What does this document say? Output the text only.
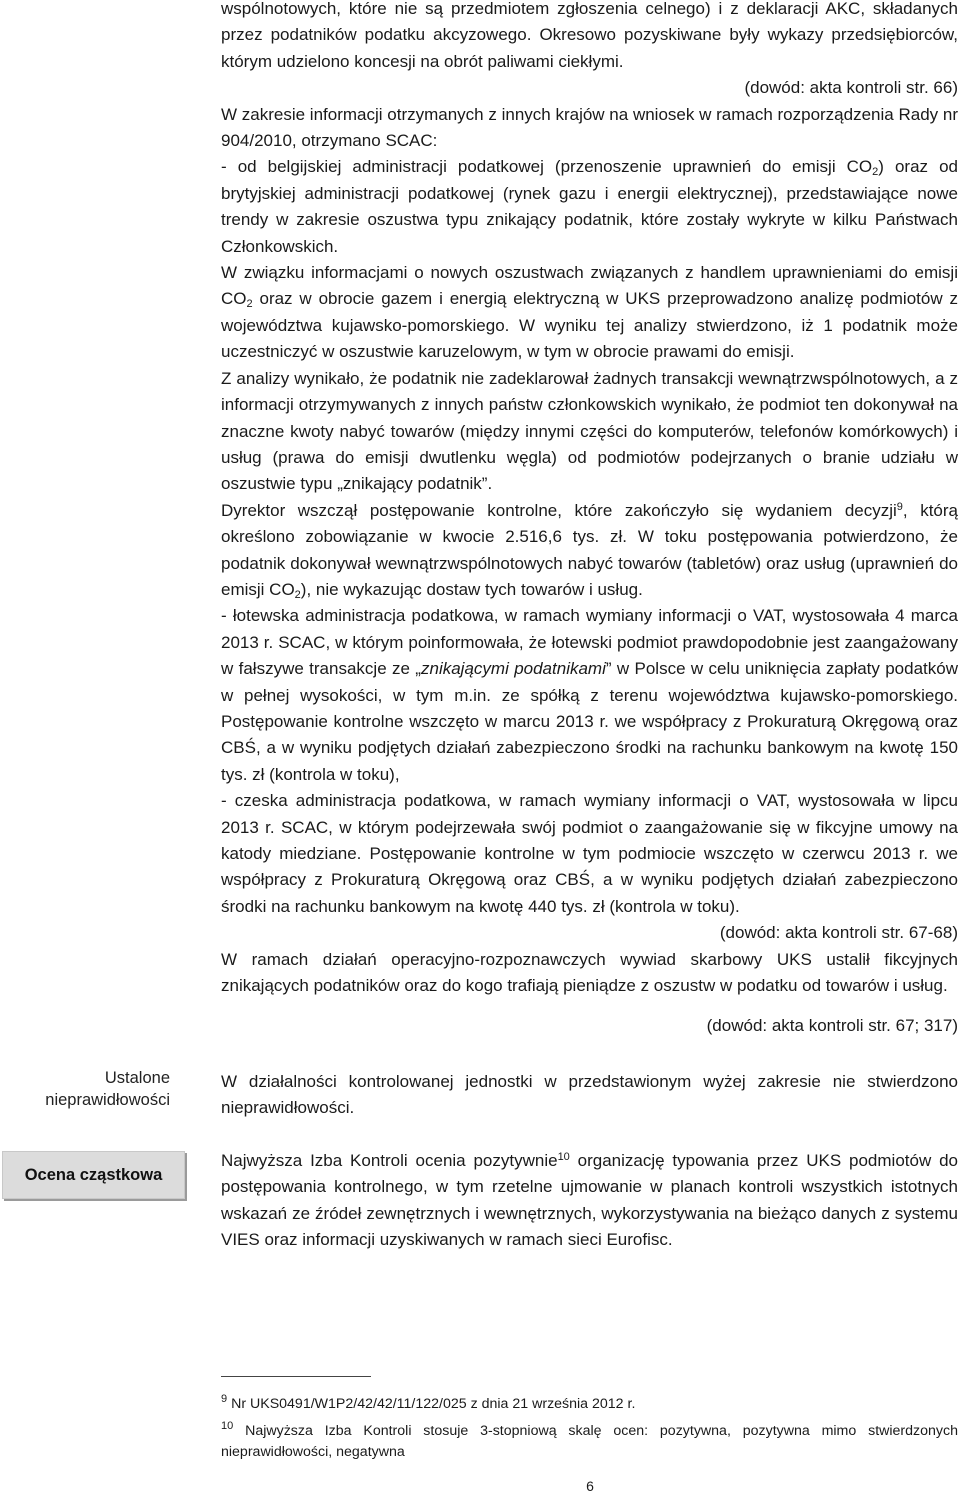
wspólnotowych, które nie są przedmiotem zgłoszenia celnego) i z deklaracji AKC, składanych przez podatników podatku akcyzowego. Okresowo pozyskiwane były wykazy przedsiębiorców, którym udzielono koncesji na obrót paliwami ciekłymi.

(dowód: akta kontroli str. 66)

W zakresie informacji otrzymanych z innych krajów na wniosek w ramach rozporządzenia Rady nr 904/2010, otrzymano SCAC:

- od belgijskiej administracji podatkowej (przenoszenie uprawnień do emisji $CO_2$) oraz od brytyjskiej administracji podatkowej (rynek gazu i energii elektrycznej), przedstawiające nowe trendy w zakresie oszustwa typu znikający podatnik, które zostały wykryte w kilku Państwach Członkowskich.

W związku informacjami o nowych oszustwach związanych z handlem uprawnieniami do emisji $CO_2$ oraz w obrocie gazem i energią elektryczną w UKS przeprowadzono analizę podmiotów z województwa kujawsko-pomorskiego. W wyniku tej analizy stwierdzono, iż 1 podatnik może uczestniczyć w oszustwie karuzelowym, w tym w obrocie prawami do emisji.

Z analizy wynikało, że podatnik nie zadeklarował żadnych transakcji wewnątrzwspólnotowych, a z informacji otrzymywanych z innych państw członkowskich wynikało, że podmiot ten dokonywał na znaczne kwoty nabyć towarów (między innymi części do komputerów, telefonów komórkowych) i usług (prawa do emisji dwutlenku węgla) od podmiotów podejrzanych o branie udziału w oszustwie typu „znikający podatnik”.

Dyrektor wszczął postępowanie kontrolne, które zakończyło się wydaniem decyzji$^9$, którą określono zobowiązanie w kwocie 2.516,6 tys. zł. W toku postępowania potwierdzono, że podatnik dokonywał wewnątrzwspólnotowych nabyć towarów (tabletów) oraz usług (uprawnień do emisji $CO_2$), nie wykazując dostaw tych towarów i usług.

- łotewska administracja podatkowa, w ramach wymiany informacji o VAT, wystosowała 4 marca 2013 r. SCAC, w którym poinformowała, że łotewski podmiot prawdopodobnie jest zaangażowany w fałszywe transakcje ze „znikającymi podatnikami” w Polsce w celu uniknięcia zapłaty podatków w pełnej wysokości, w tym m.in. ze spółką z terenu województwa kujawsko-pomorskiego. Postępowanie kontrolne wszczęto w marcu 2013 r. we współpracy z Prokuraturą Okręgową oraz CBŚ, a w wyniku podjętych działań zabezpieczono środki na rachunku bankowym na kwotę 150 tys. zł (kontrola w toku),

- czeska administracja podatkowa, w ramach wymiany informacji o VAT, wystosowała w lipcu 2013 r. SCAC, w którym podejrzewała swój podmiot o zaangażowanie się w fikcyjne umowy na katody miedziane. Postępowanie kontrolne w tym podmiocie wszczęto w czerwcu 2013 r. we współpracy z Prokuraturą Okręgową oraz CBŚ, a w wyniku podjętych działań zabezpieczono środki na rachunku bankowym na kwotę 440 tys. zł (kontrola w toku).

(dowód: akta kontroli str. 67-68)

W ramach działań operacyjno-rozpoznawczych wywiad skarbowy UKS ustalił fikcyjnych znikających podatników oraz do kogo trafiają pieniądze z oszustw w podatku od towarów i usług.

(dowód: akta kontroli str. 67; 317)

Ustalone
nieprawidłowości

W działalności kontrolowanej jednostki w przedstawionym wyżej zakresie nie stwierdzono nieprawidłowości.

Ocena cząstkowa

Najwyższa Izba Kontroli ocenia pozytywnie$^{10}$ organizację typowania przez UKS podmiotów do postępowania kontrolnego, w tym rzetelne ujmowanie w planach kontroli wszystkich istotnych wskazań ze źródeł zewnętrznych i wewnętrznych, wykorzystywania na bieżąco danych z systemu VIES oraz informacji uzyskiwanych w ramach sieci Eurofisc.

$^9$ Nr UKS0491/W1P2/42/42/11/122/025 z dnia 21 września 2012 r.

$^{10}$ Najwyższa Izba Kontroli stosuje 3-stopniową skalę ocen: pozytywna, pozytywna mimo stwierdzonych nieprawidłowości, negatywna

6
